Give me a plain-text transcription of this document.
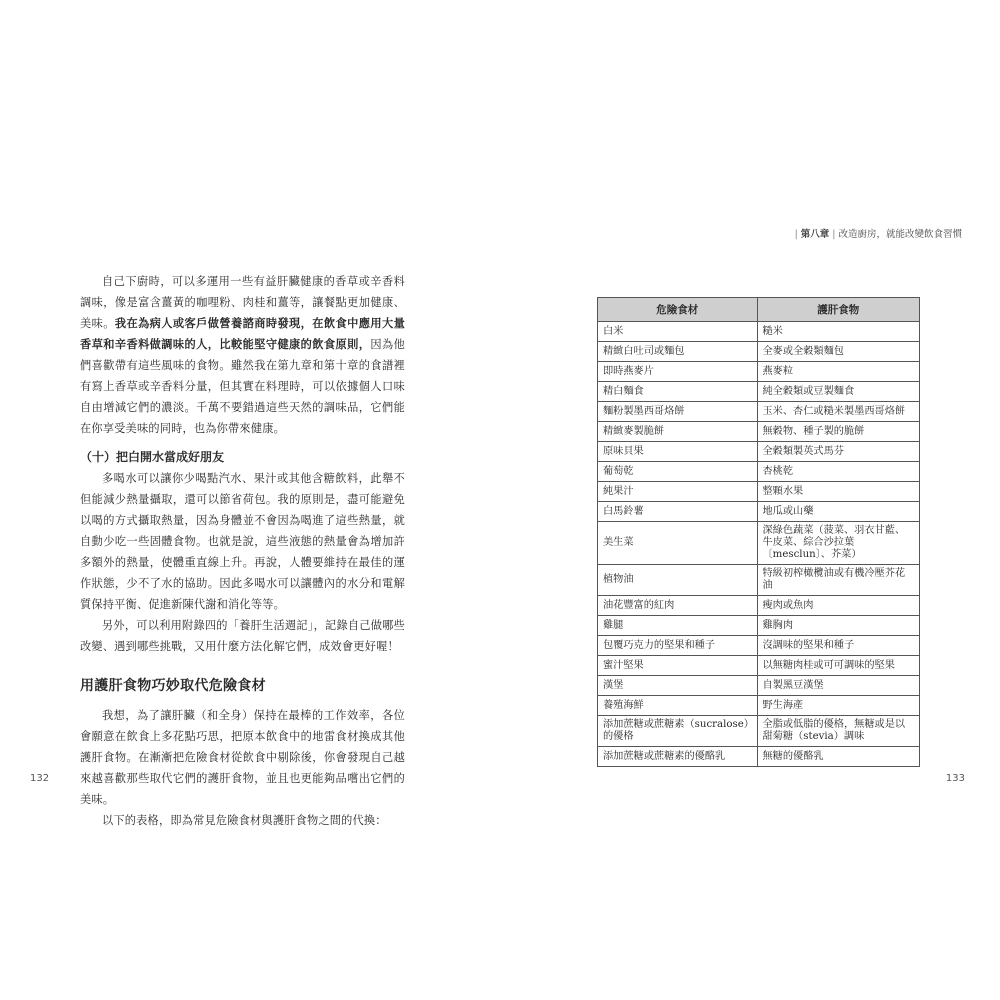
自己下廚時，可以多運用一些有益肝臟健康的香草或辛香料調味，像是富含薑黃的咖哩粉、肉桂和薑等，讓餐點更加健康、美味。我在為病人或客戶做營養諮商時發現，在飲食中應用大量香草和辛香料做調味的人，比較能堅守健康的飲食原則，因為他們喜歡帶有這些風味的食物。雖然我在第九章和第十章的食譜裡有寫上香草或辛香料分量，但其實在料理時，可以依據個人口味自由增減它們的濃淡。千萬不要錯過這些天然的調味品，它們能在你享受美味的同時，也為你帶來健康。

（十）把白開水當成好朋友

多喝水可以讓你少喝點汽水、果汁或其他含糖飲料，此舉不但能減少熱量攝取，還可以節省荷包。我的原則是，盡可能避免以喝的方式攝取熱量，因為身體並不會因為喝進了這些熱量，就自動少吃一些固體食物。也就是說，這些液態的熱量會為增加許多額外的熱量，使體重直線上升。再說，人體要維持在最佳的運作狀態，少不了水的協助。因此多喝水可以讓體內的水分和電解質保持平衡、促進新陳代謝和消化等等。

另外，可以利用附錄四的「養肝生活週記」，記錄自己做哪些改變、遇到哪些挑戰，又用什麼方法化解它們，成效會更好喔！

用護肝食物巧妙取代危險食材

我想，為了讓肝臟（和全身）保持在最棒的工作效率，各位會願意在飲食上多花點巧思，把原本飲食中的地雷食材換成其他護肝食物。在漸漸把危險食材從飲食中剔除後，你會發現自己越來越喜歡那些取代它們的護肝食物，並且也更能夠品嚐出它們的美味。

以下的表格，即為常見危險食材與護肝食物之間的代換：

132
| 第八章 | 改造廚房，就能改變飲食習慣
危險食材	護肝食物
白米	糙米
精緻白吐司或麵包	全麥或全穀類麵包
即時燕麥片	燕麥粒
精白麵食	純全穀類或豆製麵食
麵粉製墨西哥烙餅	玉米、杏仁或糙米製墨西哥烙餅
精緻麥製脆餅	無穀物、種子製的脆餅
原味貝果	全穀類製英式馬芬
葡萄乾	杏桃乾
純果汁	整顆水果
白馬鈴薯	地瓜或山藥
美生菜	深綠色蔬菜（菠菜、羽衣甘藍、牛皮菜、綜合沙拉葉〔mesclun〕、芥菜）
植物油	特級初榨橄欖油或有機冷壓芥花油
油花豐富的紅肉	瘦肉或魚肉
雞腿	雞胸肉
包覆巧克力的堅果和種子	沒調味的堅果和種子
蜜汁堅果	以無糖肉桂或可可調味的堅果
漢堡	自製黑豆漢堡
養殖海鮮	野生海產
添加蔗糖或蔗糖素（sucralose）的優格	全脂或低脂的優格，無糖或是以甜菊糖（stevia）調味
添加蔗糖或蔗糖素的優酪乳	無糖的優酪乳
133
